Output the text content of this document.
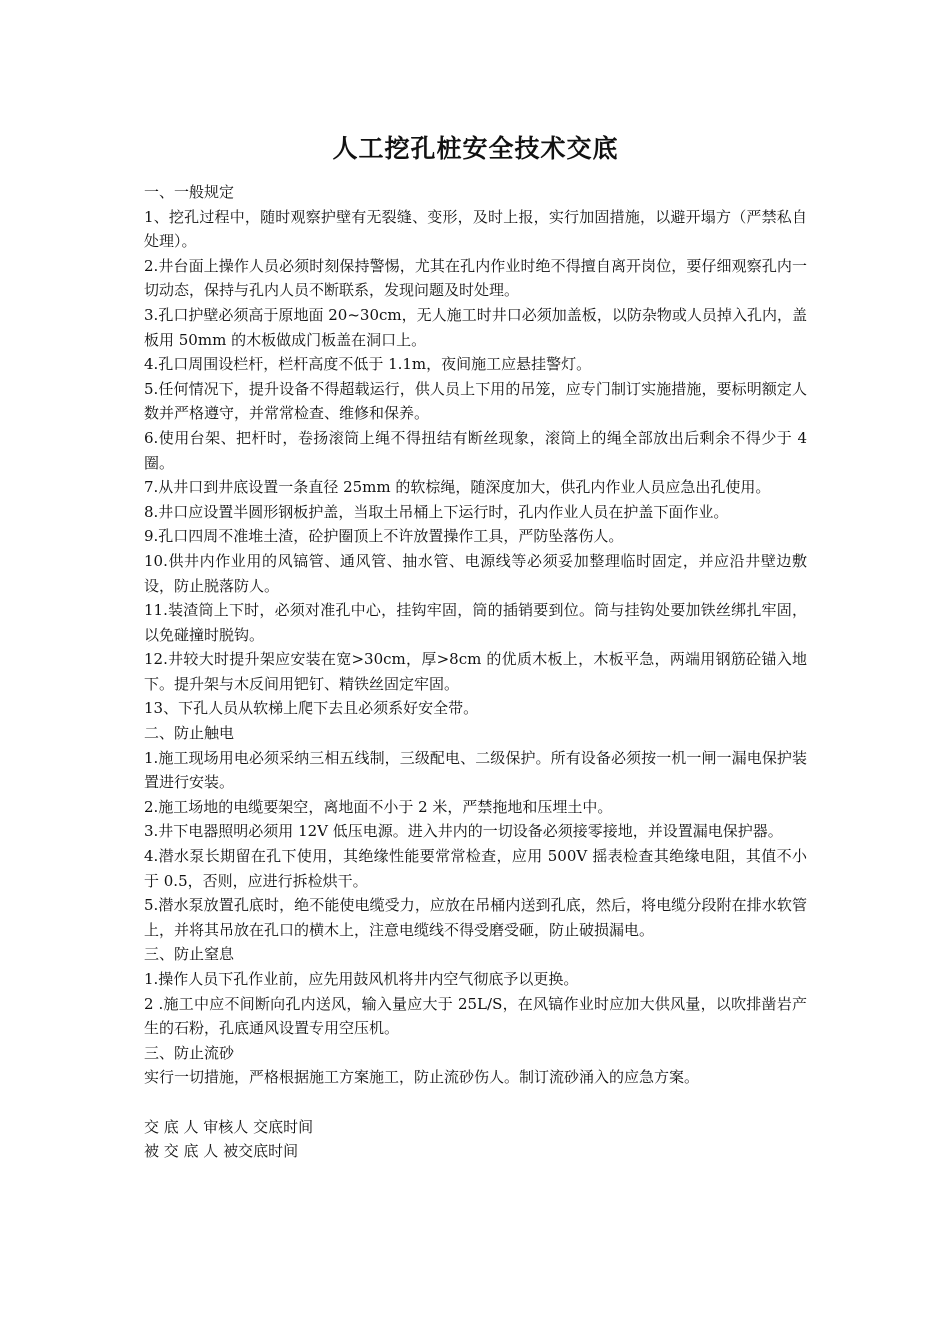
人工挖孔桩安全技术交底

一、一般规定

1、挖孔过程中，随时观察护壁有无裂缝、变形，及时上报，实行加固措施，以避开塌方（严禁私自处理）。

2.井台面上操作人员必须时刻保持警惕，尤其在孔内作业时绝不得擅自离开岗位，要仔细观察孔内一切动态，保持与孔内人员不断联系，发现问题及时处理。

3.孔口护壁必须高于原地面 20~30cm，无人施工时井口必须加盖板，以防杂物或人员掉入孔内，盖板用 50mm 的木板做成门板盖在洞口上。

4.孔口周围设栏杆，栏杆高度不低于 1.1m，夜间施工应悬挂警灯。

5.任何情况下，提升设备不得超载运行，供人员上下用的吊笼，应专门制订实施措施，要标明额定人数并严格遵守，并常常检查、维修和保养。

6.使用台架、把杆时，卷扬滚筒上绳不得扭结有断丝现象，滚筒上的绳全部放出后剩余不得少于 4 圈。

7.从井口到井底设置一条直径 25mm 的软棕绳，随深度加大，供孔内作业人员应急出孔使用。

8.井口应设置半圆形钢板护盖，当取土吊桶上下运行时，孔内作业人员在护盖下面作业。

9.孔口四周不准堆土渣，砼护圈顶上不许放置操作工具，严防坠落伤人。

10.供井内作业用的风镐管、通风管、抽水管、电源线等必须妥加整理临时固定，并应沿井壁边敷设，防止脱落防人。

11.装渣筒上下时，必须对准孔中心，挂钩牢固，筒的插销要到位。筒与挂钩处要加铁丝绑扎牢固，以免碰撞时脱钩。

12.井较大时提升架应安装在宽>30cm，厚>8cm 的优质木板上，木板平急，两端用钢筋砼锚入地下。提升架与木反间用钯钉、精铁丝固定牢固。

13、下孔人员从软梯上爬下去且必须系好安全带。

二、防止触电

1.施工现场用电必须采纳三相五线制，三级配电、二级保护。所有设备必须按一机一闸一漏电保护装置进行安装。

2.施工场地的电缆要架空，离地面不小于 2 米，严禁拖地和压埋土中。

3.井下电器照明必须用 12V 低压电源。进入井内的一切设备必须接零接地，并设置漏电保护器。

4.潜水泵长期留在孔下使用，其绝缘性能要常常检查，应用 500V 摇表检查其绝缘电阻，其值不小于 0.5，否则，应进行拆检烘干。

5.潜水泵放置孔底时，绝不能使电缆受力，应放在吊桶内送到孔底，然后，将电缆分段附在排水软管上，并将其吊放在孔口的横木上，注意电缆线不得受磨受砸，防止破损漏电。

三、防止窒息

1.操作人员下孔作业前，应先用鼓风机将井内空气彻底予以更换。

2 .施工中应不间断向孔内送风，输入量应大于 25L/S，在风镐作业时应加大供风量，以吹排凿岩产生的石粉，孔底通风设置专用空压机。

三、防止流砂

实行一切措施，严格根据施工方案施工，防止流砂伤人。制订流砂涌入的应急方案。

交 底 人 审核人 交底时间

被 交 底 人 被交底时间
